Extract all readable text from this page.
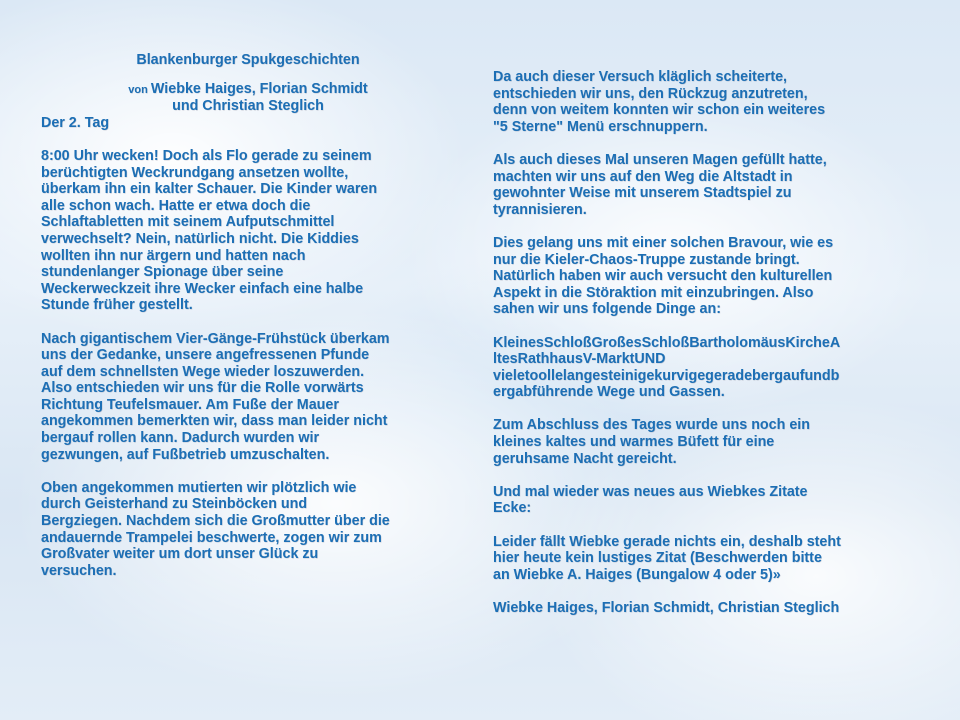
Blankenburger Spukgeschichten
von Wiebke Haiges, Florian Schmidt
und Christian Steglich
Der 2. Tag

8:00 Uhr wecken! Doch als Flo gerade zu seinem
berüchtigten Weckrundgang ansetzen wollte,
überkam ihn ein kalter Schauer. Die Kinder waren
alle schon wach. Hatte er etwa doch die
Schlaftabletten mit seinem Aufputschmittel
verwechselt? Nein, natürlich nicht. Die Kiddies
wollten ihn nur ärgern und hatten nach
stundenlanger Spionage über seine
Weckerweckzeit ihre Wecker einfach eine halbe
Stunde früher gestellt.

Nach gigantischem Vier-Gänge-Frühstück überkam
uns der Gedanke, unsere angefressenen Pfunde
auf dem schnellsten Wege wieder loszuwerden.
Also entschieden wir uns für die Rolle vorwärts
Richtung Teufelsmauer. Am Fuße der Mauer
angekommen bemerkten wir, dass man leider nicht
bergauf rollen kann. Dadurch wurden wir
gezwungen, auf Fußbetrieb umzuschalten.

Oben angekommen mutierten wir plötzlich wie
durch Geisterhand zu Steinböcken und
Bergziegen. Nachdem sich die Großmutter über die
andauernde Trampelei beschwerte, zogen wir zum
Großvater weiter um dort unser Glück zu
versuchen.

Da auch dieser Versuch kläglich scheiterte,
entschieden wir uns, den Rückzug anzutreten,
denn von weitem konnten wir schon ein weiteres
"5 Sterne" Menü erschnuppern.

Als auch dieses Mal unseren Magen gefüllt hatte,
machten wir uns auf den Weg die Altstadt in
gewohnter Weise mit unserem Stadtspiel zu
tyrannisieren.

Dies gelang uns mit einer solchen Bravour, wie es
nur die Kieler-Chaos-Truppe zustande bringt.
Natürlich haben wir auch versucht den kulturellen
Aspekt in die Störaktion mit einzubringen. Also
sahen wir uns folgende Dinge an:

KleinesSchloßGroßesSchloßBartholomäusKircheA
ltesRathhausV-MarktUND
vieletoollelangesteinigekurvigegeradebergaufundb
ergabführende Wege und Gassen.

Zum Abschluss des Tages wurde uns noch ein
kleines kaltes und warmes Büfett für eine
geruhsame Nacht gereicht.

Und mal wieder was neues aus Wiebkes Zitate
Ecke:

Leider fällt Wiebke gerade nichts ein, deshalb steht
hier heute kein lustiges Zitat (Beschwerden bitte
an Wiebke A. Haiges (Bungalow 4 oder 5)»

Wiebke Haiges, Florian Schmidt, Christian Steglich
